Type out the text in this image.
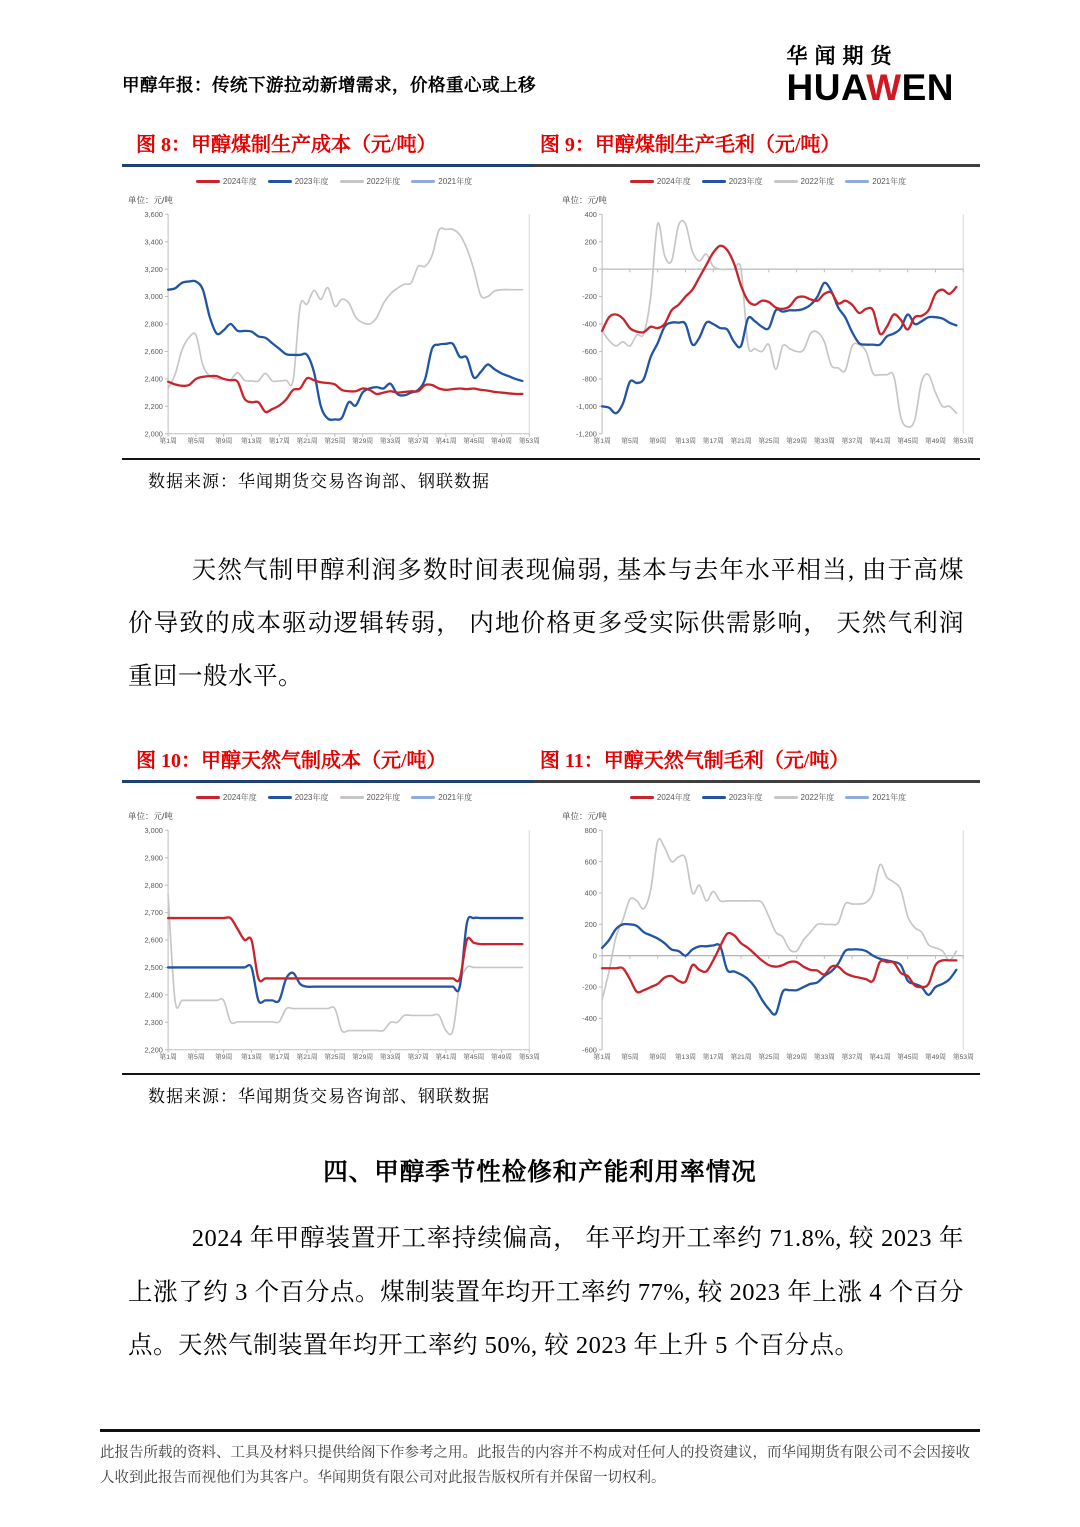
甲醇年报：传统下游拉动新增需求，价格重心或上移
华闻期货
HUAWEN
图 8：甲醇煤制生产成本（元/吨）	图 9：甲醇煤制生产毛利（元/吨）
2024年度	2023年度	2022年度	2021年度
单位：元/吨
2,000
2,200
2,400
2,600
2,800
3,000
3,200
3,400
3,600
第1周 第5周 第9周 第13周 第17周 第21周 第25周 第29周 第33周 第37周 第41周 第45周 第49周 第53周
2024年度	2023年度	2022年度	2021年度
单位：元/吨
-1,200
-1,000
-800
-600
-400
-200
0
200
400
第1周 第5周 第9周 第13周 第17周 第21周 第25周 第29周 第33周 第37周 第41周 第45周 第49周 第53周
数据来源：华闻期货交易咨询部、钢联数据
天然气制甲醇利润多数时间表现偏弱, 基本与去年水平相当, 由于高煤价导致的成本驱动逻辑转弱， 内地价格更多受实际供需影响， 天然气利润重回一般水平。
图 10：甲醇天然气制成本（元/吨）	图 11：甲醇天然气制毛利（元/吨）
2024年度	2023年度	2022年度	2021年度
单位：元/吨
2,200
2,300
2,400
2,500
2,600
2,700
2,800
2,900
3,000
第1周 第5周 第9周 第13周 第17周 第21周 第25周 第29周 第33周 第37周 第41周 第45周 第49周 第53周
2024年度	2023年度	2022年度	2021年度
单位：元/吨
-600
-400
-200
0
200
400
600
800
第1周 第5周 第9周 第13周 第17周 第21周 第25周 第29周 第33周 第37周 第41周 第45周 第49周 第53周
数据来源：华闻期货交易咨询部、钢联数据
四、甲醇季节性检修和产能利用率情况
2024 年甲醇装置开工率持续偏高， 年平均开工率约 71.8%, 较 2023 年上涨了约 3 个百分点。煤制装置年均开工率约 77%, 较 2023 年上涨 4 个百分点。天然气制装置年均开工率约 50%, 较 2023 年上升 5 个百分点。
此报告所载的资料、工具及材料只提供给阁下作参考之用。此报告的内容并不构成对任何人的投资建议，而华闻期货有限公司不会因接收人收到此报告而视他们为其客户。华闻期货有限公司对此报告版权所有并保留一切权利。
